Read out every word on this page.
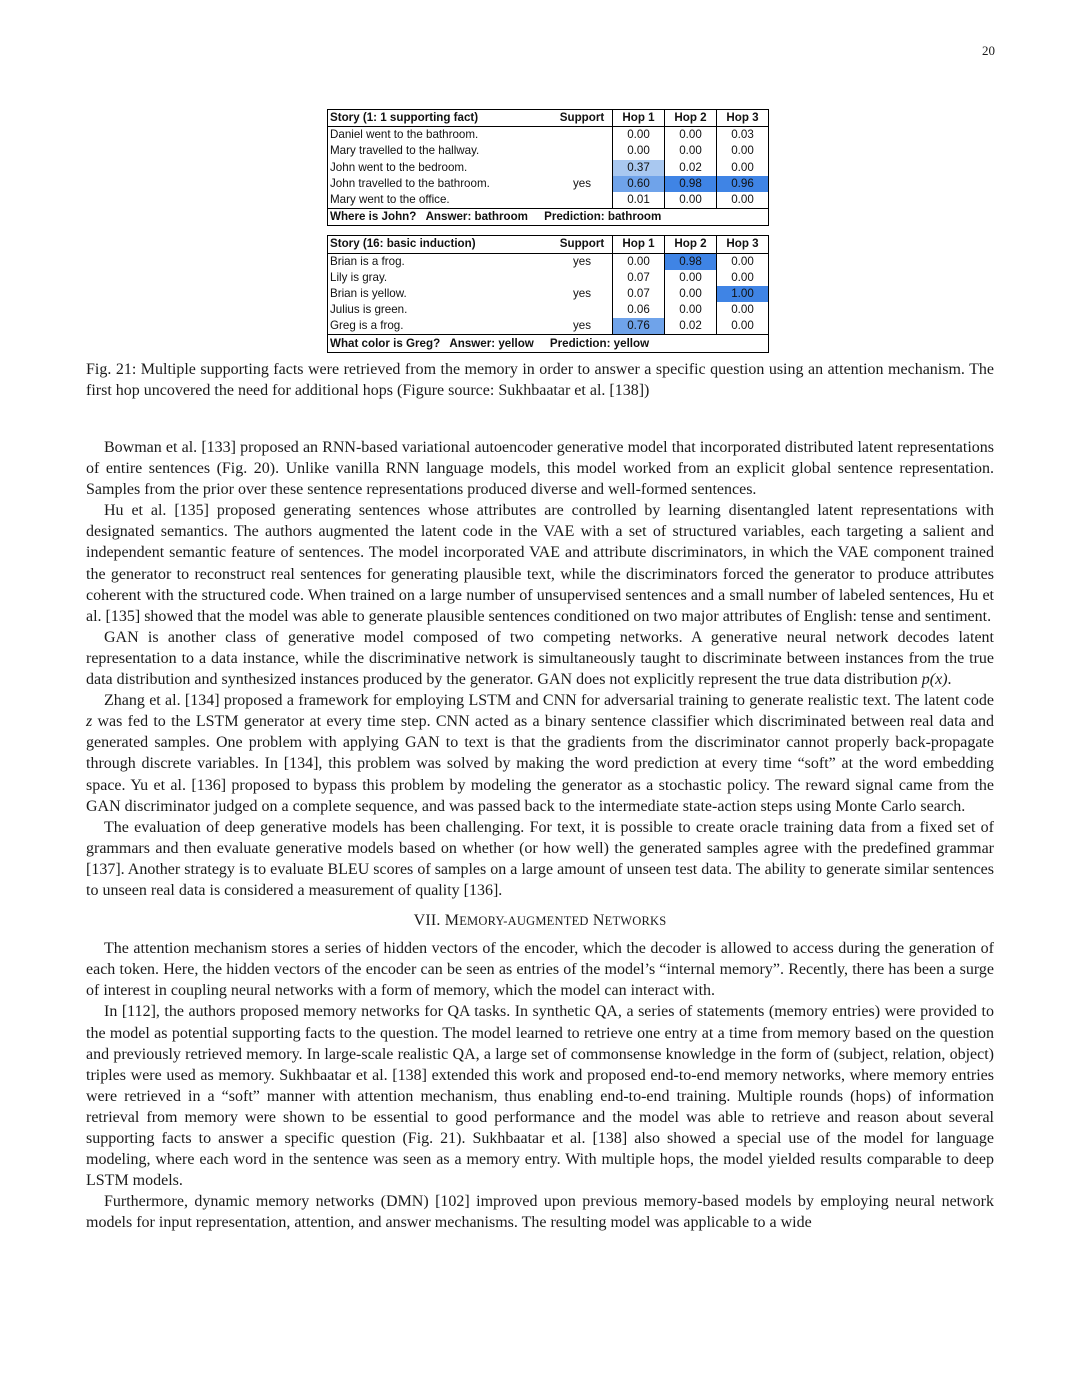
20
Story (1: 1 supporting fact)	Support	Hop 1	Hop 2	Hop 3
Daniel went to the bathroom.		0.00	0.00	0.03
Mary travelled to the hallway.		0.00	0.00	0.00
John went to the bedroom.		0.37	0.02	0.00
John travelled to the bathroom.	yes	0.60	0.98	0.96
Mary went to the office.		0.01	0.00	0.00
Where is John? Answer: bathroom Prediction: bathroom				
Story (16: basic induction)	Support	Hop 1	Hop 2	Hop 3
Brian is a frog.	yes	0.00	0.98	0.00
Lily is gray.		0.07	0.00	0.00
Brian is yellow.	yes	0.07	0.00	1.00
Julius is green.		0.06	0.00	0.00
Greg is a frog.	yes	0.76	0.02	0.00
What color is Greg? Answer: yellow Prediction: yellow				
Fig. 21: Multiple supporting facts were retrieved from the memory in order to answer a specific question using an attention mechanism. The first hop uncovered the need for additional hops (Figure source: Sukhbaatar et al. [138])

Bowman et al. [133] proposed an RNN-based variational autoencoder generative model that incorporated distributed latent representations of entire sentences (Fig. 20). Unlike vanilla RNN language models, this model worked from an explicit global sentence representation. Samples from the prior over these sentence representations produced diverse and well-formed sentences.

Hu et al. [135] proposed generating sentences whose attributes are controlled by learning disentangled latent representations with designated semantics. The authors augmented the latent code in the VAE with a set of structured variables, each targeting a salient and independent semantic feature of sentences. The model incorporated VAE and attribute discriminators, in which the VAE component trained the generator to reconstruct real sentences for generating plausible text, while the discriminators forced the generator to produce attributes coherent with the structured code. When trained on a large number of unsupervised sentences and a small number of labeled sentences, Hu et al. [135] showed that the model was able to generate plausible sentences conditioned on two major attributes of English: tense and sentiment.

GAN is another class of generative model composed of two competing networks. A generative neural network decodes latent representation to a data instance, while the discriminative network is simultaneously taught to discriminate between instances from the true data distribution and synthesized instances produced by the generator. GAN does not explicitly represent the true data distribution p(x).

Zhang et al. [134] proposed a framework for employing LSTM and CNN for adversarial training to generate realistic text. The latent code z was fed to the LSTM generator at every time step. CNN acted as a binary sentence classifier which discriminated between real data and generated samples. One problem with applying GAN to text is that the gradients from the discriminator cannot properly back-propagate through discrete variables. In [134], this problem was solved by making the word prediction at every time “soft” at the word embedding space. Yu et al. [136] proposed to bypass this problem by modeling the generator as a stochastic policy. The reward signal came from the GAN discriminator judged on a complete sequence, and was passed back to the intermediate state-action steps using Monte Carlo search.

The evaluation of deep generative models has been challenging. For text, it is possible to create oracle training data from a fixed set of grammars and then evaluate generative models based on whether (or how well) the generated samples agree with the predefined grammar [137]. Another strategy is to evaluate BLEU scores of samples on a large amount of unseen test data. The ability to generate similar sentences to unseen real data is considered a measurement of quality [136].

VII. MEMORY-AUGMENTED NETWORKS

The attention mechanism stores a series of hidden vectors of the encoder, which the decoder is allowed to access during the generation of each token. Here, the hidden vectors of the encoder can be seen as entries of the model’s “internal memory”. Recently, there has been a surge of interest in coupling neural networks with a form of memory, which the model can interact with.

In [112], the authors proposed memory networks for QA tasks. In synthetic QA, a series of statements (memory entries) were provided to the model as potential supporting facts to the question. The model learned to retrieve one entry at a time from memory based on the question and previously retrieved memory. In large-scale realistic QA, a large set of commonsense knowledge in the form of (subject, relation, object) triples were used as memory. Sukhbaatar et al. [138] extended this work and proposed end-to-end memory networks, where memory entries were retrieved in a “soft” manner with attention mechanism, thus enabling end-to-end training. Multiple rounds (hops) of information retrieval from memory were shown to be essential to good performance and the model was able to retrieve and reason about several supporting facts to answer a specific question (Fig. 21). Sukhbaatar et al. [138] also showed a special use of the model for language modeling, where each word in the sentence was seen as a memory entry. With multiple hops, the model yielded results comparable to deep LSTM models.

Furthermore, dynamic memory networks (DMN) [102] improved upon previous memory-based models by employing neural network models for input representation, attention, and answer mechanisms. The resulting model was applicable to a wide
